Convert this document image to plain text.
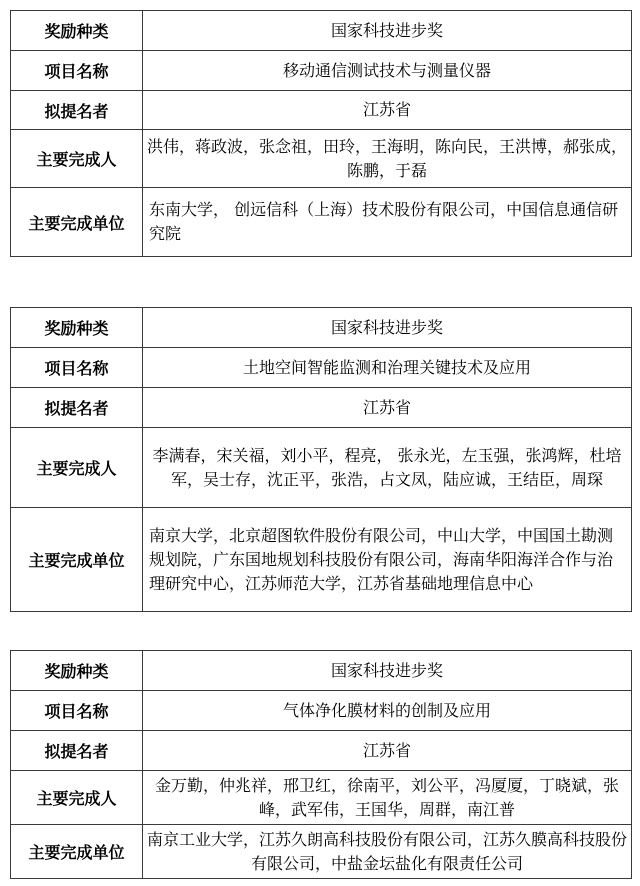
奖励种类	国家科技进步奖
项目名称	移动通信测试技术与测量仪器
拟提名者	江苏省
主要完成人	洪伟，蒋政波，张念祖，田玲，王海明，陈向民，王洪博，郝张成，陈鹏，于磊
主要完成单位	东南大学， 创远信科（上海）技术股份有限公司，中国信息通信研究院
奖励种类	国家科技进步奖
项目名称	土地空间智能监测和治理关键技术及应用
拟提名者	江苏省
主要完成人	李满春，宋关福，刘小平，程亮， 张永光，左玉强，张鸿辉，杜培军，吴士存，沈正平，张浩，占文凤，陆应诚，王结臣，周琛
主要完成单位	南京大学，北京超图软件股份有限公司，中山大学，中国国土勘测规划院，广东国地规划科技股份有限公司，海南华阳海洋合作与治理研究中心，江苏师范大学，江苏省基础地理信息中心
奖励种类	国家科技进步奖
项目名称	气体净化膜材料的创制及应用
拟提名者	江苏省
主要完成人	金万勤，仲兆祥，邢卫红，徐南平，刘公平，冯厦厦，丁晓斌，张峰，武军伟，王国华，周群，南江普
主要完成单位	南京工业大学，江苏久朗高科技股份有限公司，江苏久膜高科技股份有限公司，中盐金坛盐化有限责任公司
